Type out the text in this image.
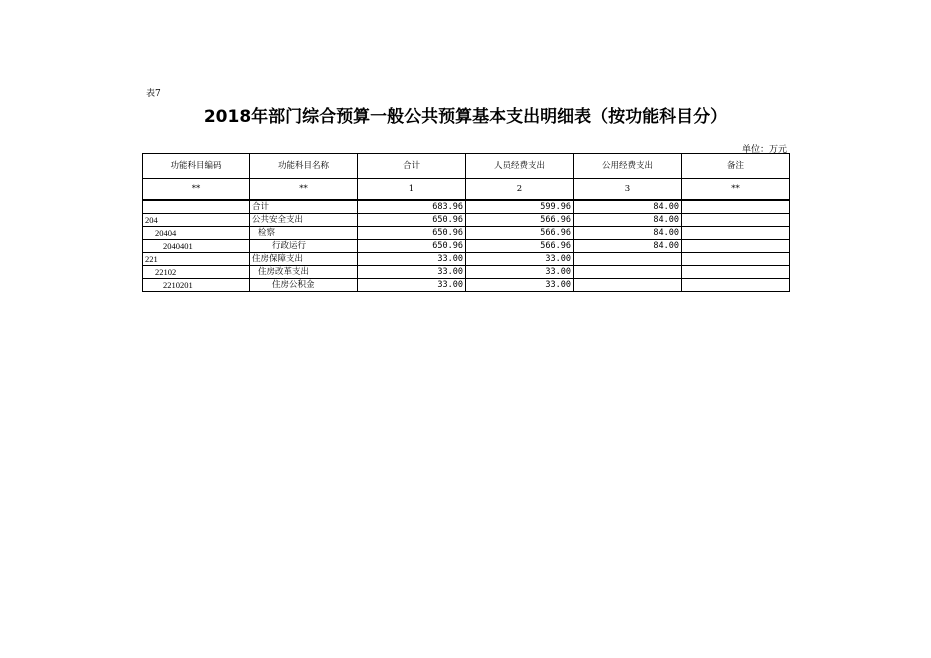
表7
2018年部门综合预算一般公共预算基本支出明细表（按功能科目分）
单位：万元
功能科目编码	功能科目名称	合计	人员经费支出	公用经费支出	备注
**	**	1	2	3	**
	合计	683.96	599.96	84.00	
204	公共安全支出	650.96	566.96	84.00	
20404	检察	650.96	566.96	84.00	
2040401	行政运行	650.96	566.96	84.00	
221	住房保障支出	33.00	33.00		
22102	住房改革支出	33.00	33.00		
2210201	住房公积金	33.00	33.00		
